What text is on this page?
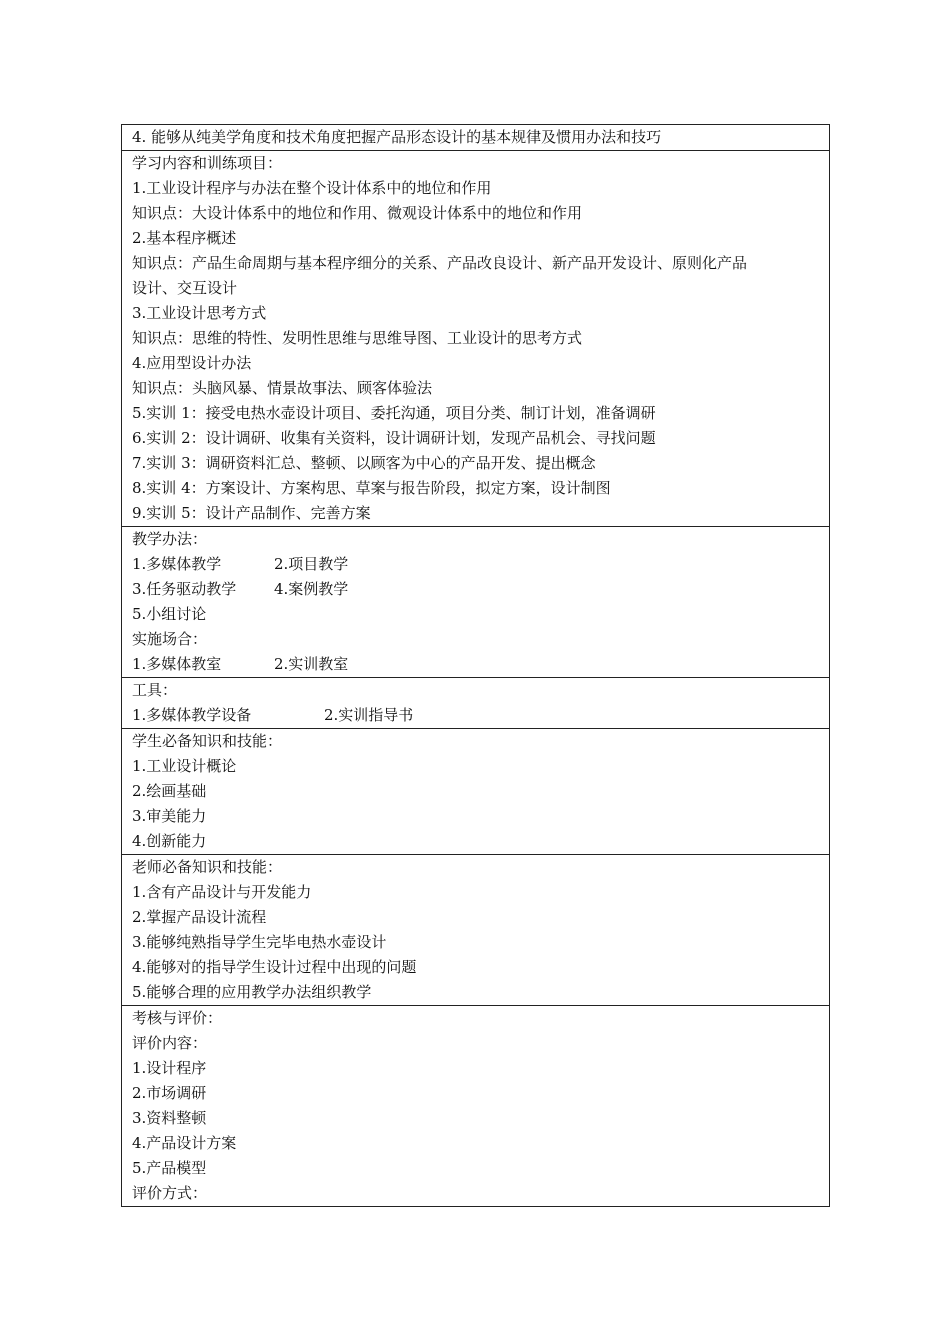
4. 能够从纯美学角度和技术角度把握产品形态设计的基本规律及惯用办法和技巧

学习内容和训练项目：
1.工业设计程序与办法在整个设计体系中的地位和作用
知识点：大设计体系中的地位和作用、微观设计体系中的地位和作用
2.基本程序概述
知识点：产品生命周期与基本程序细分的关系、产品改良设计、新产品开发设计、原则化产品
设计、交互设计
3.工业设计思考方式
知识点：思维的特性、发明性思维与思维导图、工业设计的思考方式
4.应用型设计办法
知识点：头脑风暴、情景故事法、顾客体验法
5.实训 1：接受电热水壶设计项目、委托沟通，项目分类、制订计划，准备调研
6.实训 2：设计调研、收集有关资料，设计调研计划，发现产品机会、寻找问题
7.实训 3：调研资料汇总、整顿、以顾客为中心的产品开发、提出概念
8.实训 4：方案设计、方案构思、草案与报告阶段，拟定方案，设计制图
9.实训 5：设计产品制作、完善方案

教学办法：
1.多媒体教学	2.项目教学
3.任务驱动教学	4.案例教学
5.小组讨论
实施场合：
1.多媒体教室	2.实训教室

工具：
1.多媒体教学设备	2.实训指导书

学生必备知识和技能：
1.工业设计概论
2.绘画基础
3.审美能力
4.创新能力

老师必备知识和技能：
1.含有产品设计与开发能力
2.掌握产品设计流程
3.能够纯熟指导学生完毕电热水壶设计
4.能够对的指导学生设计过程中出现的问题
5.能够合理的应用教学办法组织教学

考核与评价：
评价内容：
1.设计程序
2.市场调研
3.资料整顿
4.产品设计方案
5.产品模型
评价方式：
